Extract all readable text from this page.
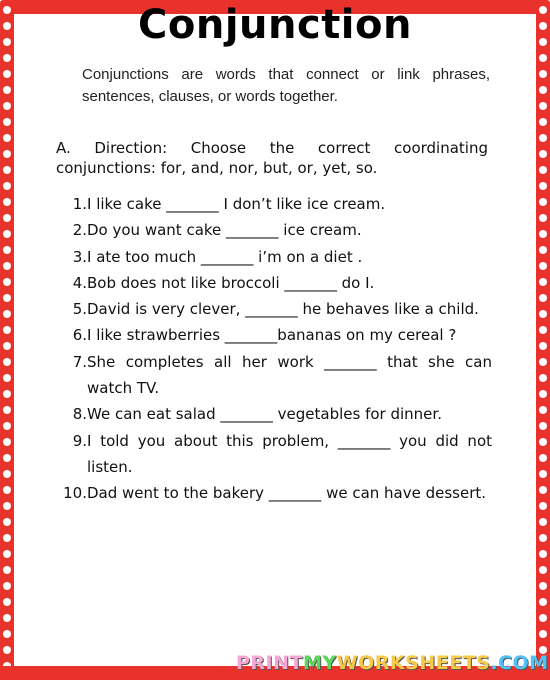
Conjunction
Conjunctions are words that connect or link phrases, sentences, clauses, or words together.
A. Direction: Choose the correct coordinating conjunctions: for, and, nor, but, or, yet, so.
1. I like cake _______ I don’t like ice cream.
2. Do you want cake _______ ice cream.
3. I ate too much _______ i’m on a diet .
4. Bob does not like broccoli _______ do I.
5. David is very clever, _______ he behaves like a child.
6. I like strawberries _______bananas on my cereal ?
7. She completes all her work _______ that she can watch TV.
8. We can eat salad _______ vegetables for dinner.
9. I told you about this problem, _______ you did not listen.
10. Dad went to the bakery _______ we can have dessert.
PRINTMYWORKSHEETS.COM
